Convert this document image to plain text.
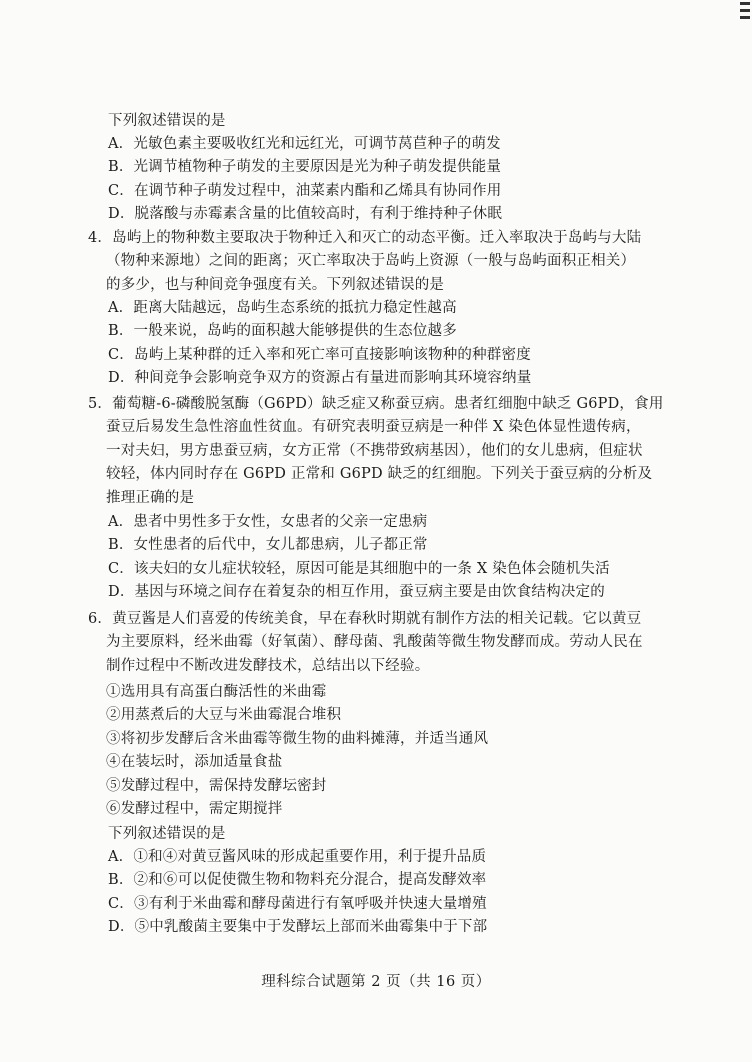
下列叙述错误的是
A．光敏色素主要吸收红光和远红光，可调节莴苣种子的萌发
B．光调节植物种子萌发的主要原因是光为种子萌发提供能量
C．在调节种子萌发过程中，油菜素内酯和乙烯具有协同作用
D．脱落酸与赤霉素含量的比值较高时，有利于维持种子休眠
4．岛屿上的物种数主要取决于物种迁入和灭亡的动态平衡。迁入率取决于岛屿与大陆
（物种来源地）之间的距离；灭亡率取决于岛屿上资源（一般与岛屿面积正相关）
的多少，也与种间竞争强度有关。下列叙述错误的是
A．距离大陆越远，岛屿生态系统的抵抗力稳定性越高
B．一般来说，岛屿的面积越大能够提供的生态位越多
C．岛屿上某种群的迁入率和死亡率可直接影响该物种的种群密度
D．种间竞争会影响竞争双方的资源占有量进而影响其环境容纳量
5．葡萄糖-6-磷酸脱氢酶（G6PD）缺乏症又称蚕豆病。患者红细胞中缺乏 G6PD，食用
蚕豆后易发生急性溶血性贫血。有研究表明蚕豆病是一种伴 X 染色体显性遗传病，
一对夫妇，男方患蚕豆病，女方正常（不携带致病基因），他们的女儿患病，但症状
较轻，体内同时存在 G6PD 正常和 G6PD 缺乏的红细胞。下列关于蚕豆病的分析及
推理正确的是
A．患者中男性多于女性，女患者的父亲一定患病
B．女性患者的后代中，女儿都患病，儿子都正常
C．该夫妇的女儿症状较轻，原因可能是其细胞中的一条 X 染色体会随机失活
D．基因与环境之间存在着复杂的相互作用，蚕豆病主要是由饮食结构决定的
6．黄豆酱是人们喜爱的传统美食，早在春秋时期就有制作方法的相关记载。它以黄豆
为主要原料，经米曲霉（好氧菌）、酵母菌、乳酸菌等微生物发酵而成。劳动人民在
制作过程中不断改进发酵技术，总结出以下经验。
①选用具有高蛋白酶活性的米曲霉
②用蒸煮后的大豆与米曲霉混合堆积
③将初步发酵后含米曲霉等微生物的曲料摊薄，并适当通风
④在装坛时，添加适量食盐
⑤发酵过程中，需保持发酵坛密封
⑥发酵过程中，需定期搅拌
下列叙述错误的是
A．①和④对黄豆酱风味的形成起重要作用，利于提升品质
B．②和⑥可以促使微生物和物料充分混合，提高发酵效率
C．③有利于米曲霉和酵母菌进行有氧呼吸并快速大量增殖
D．⑤中乳酸菌主要集中于发酵坛上部而米曲霉集中于下部
理科综合试题第 2 页（共 16 页）
